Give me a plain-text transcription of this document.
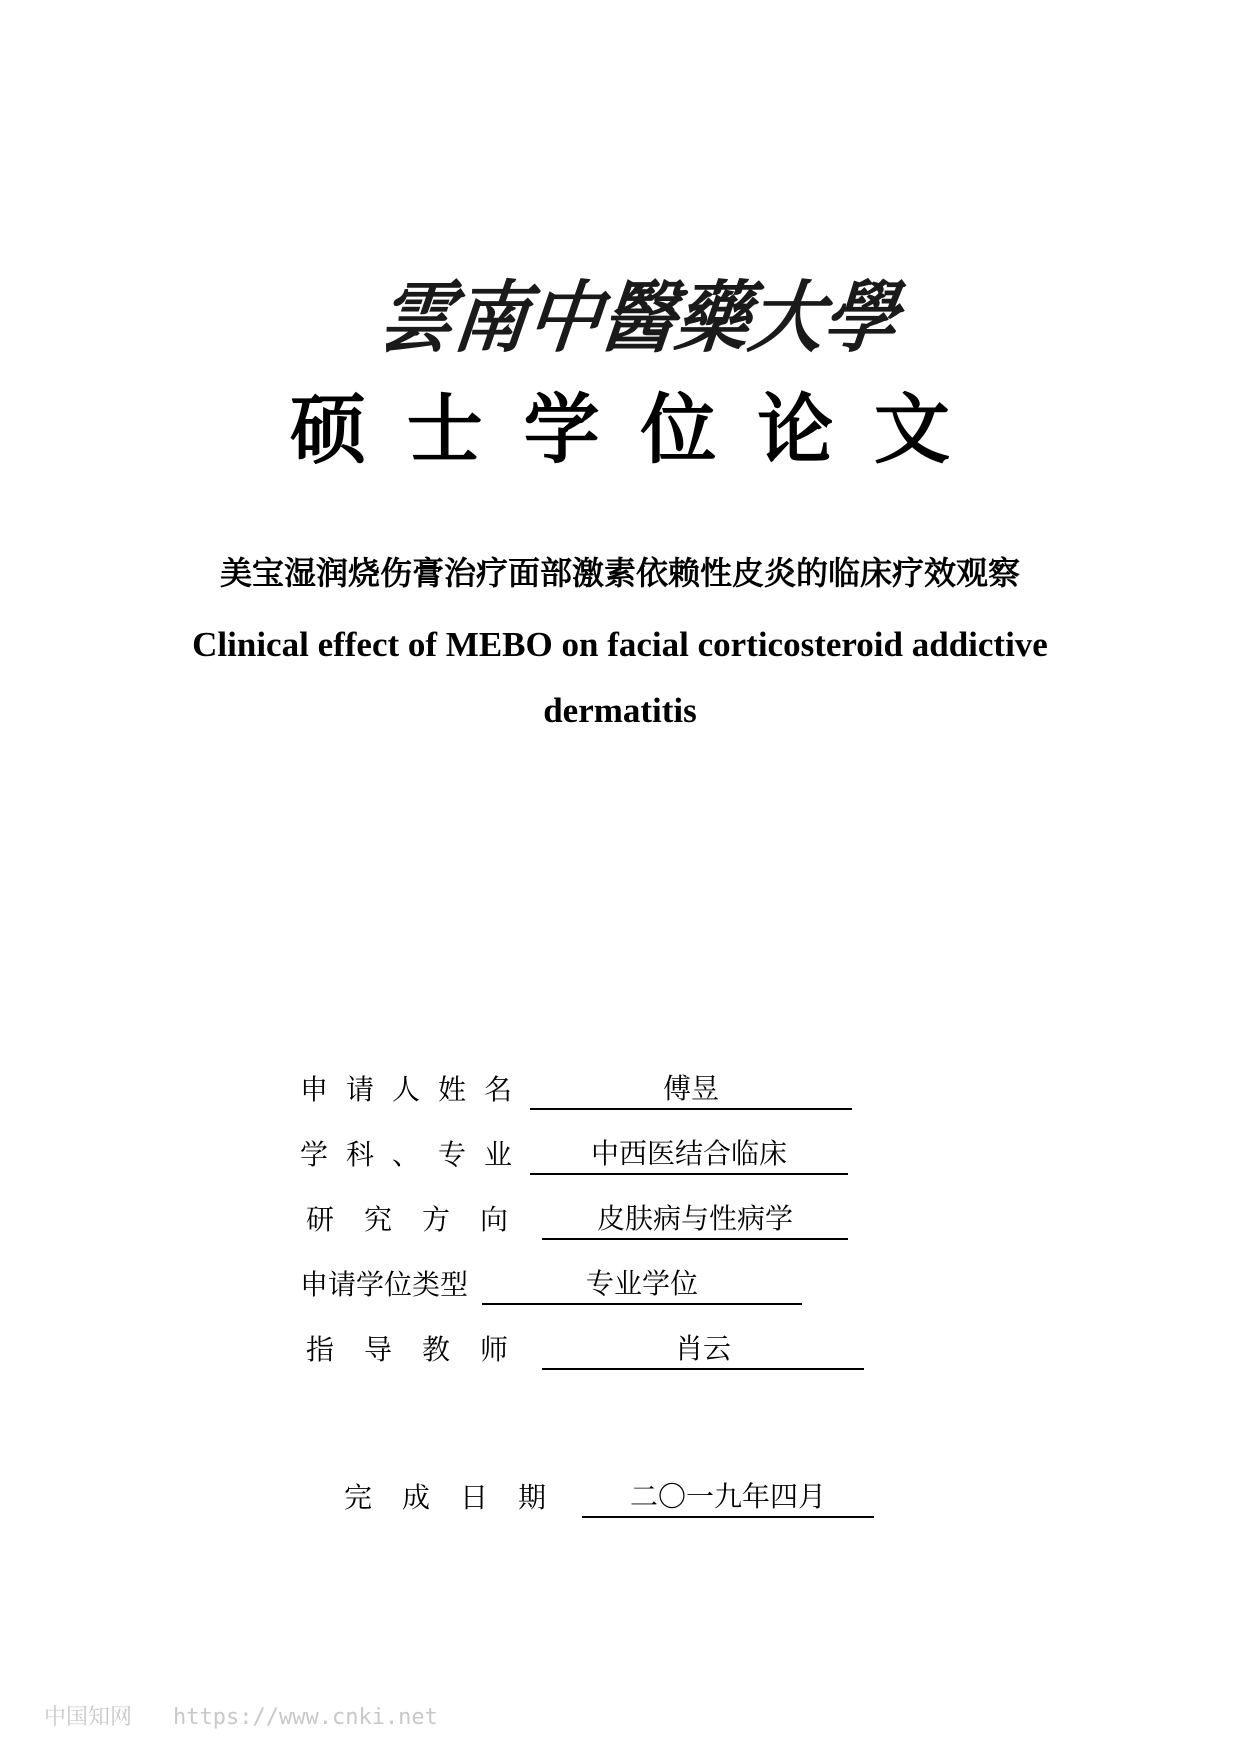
雲
南
中
醫
藥
大
學
硕 士 学 位 论 文
美宝湿润烧伤膏治疗面部激素依赖性皮炎的临床疗效观察
Clinical effect of MEBO on facial corticosteroid addictive dermatitis
申请人姓名	傅昱
学科、专业	中西医结合临床
研究方向	皮肤病与性病学
申请学位类型	专业学位
指导教师	肖云
完成日期	二〇一九年四月
中国知网 https://www.cnki.net
